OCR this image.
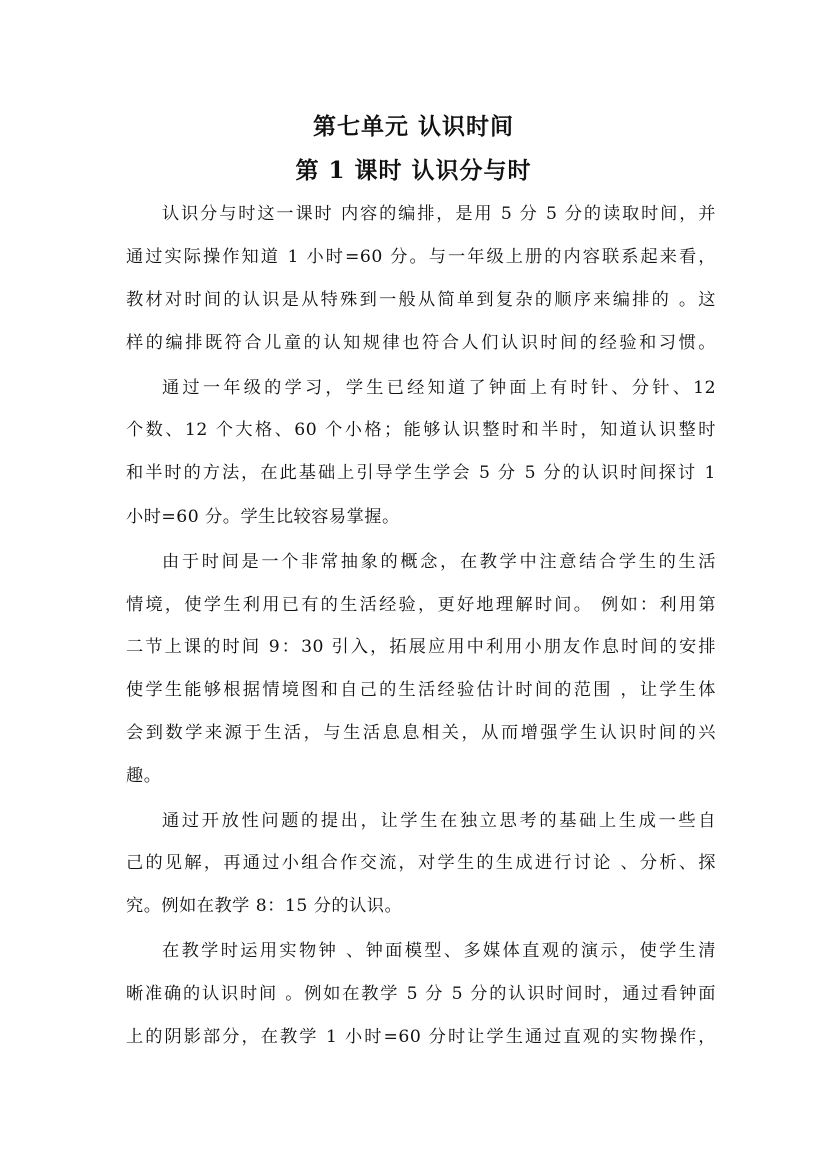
第七单元 认识时间
第 1 课时 认识分与时
认识分与时这一课时 内容的编排，是用 5 分 5 分的读取时间，并
通过实际操作知道 1 小时=60 分。与一年级上册的内容联系起来看，
教材对时间的认识是从特殊到一般从简单到复杂的顺序来编排的 。这
样的编排既符合儿童的认知规律也符合人们认识时间的经验和习惯。
通过一年级的学习，学生已经知道了钟面上有时针、分针、12
个数、12 个大格、60 个小格；能够认识整时和半时，知道认识整时
和半时的方法，在此基础上引导学生学会 5 分 5 分的认识时间探讨 1
小时=60 分。学生比较容易掌握。
由于时间是一个非常抽象的概念，在教学中注意结合学生的生活
情境，使学生利用已有的生活经验，更好地理解时间。 例如：利用第
二节上课的时间 9：30 引入，拓展应用中利用小朋友作息时间的安排
使学生能够根据情境图和自己的生活经验估计时间的范围 ，让学生体
会到数学来源于生活，与生活息息相关，从而增强学生认识时间的兴
趣。
通过开放性问题的提出，让学生在独立思考的基础上生成一些自
己的见解，再通过小组合作交流，对学生的生成进行讨论 、分析、探
究。例如在教学 8：15 分的认识。
在教学时运用实物钟 、钟面模型、多媒体直观的演示，使学生清
晰准确的认识时间 。例如在教学 5 分 5 分的认识时间时，通过看钟面
上的阴影部分，在教学 1 小时=60 分时让学生通过直观的实物操作，
